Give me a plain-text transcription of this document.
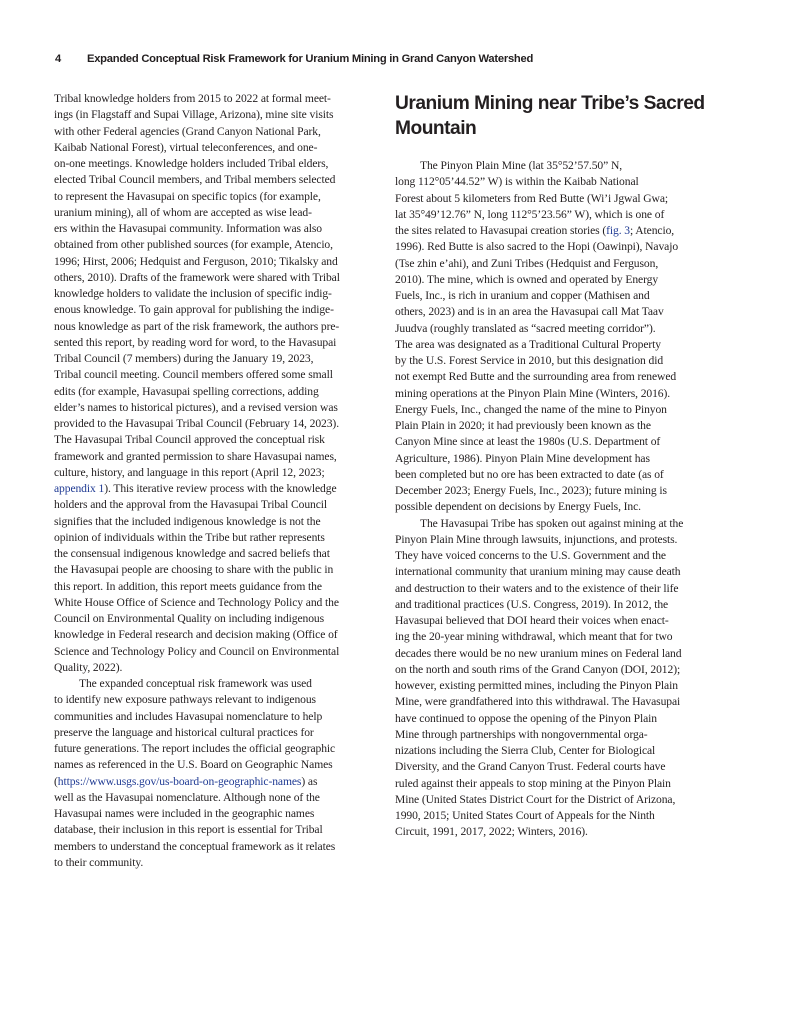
4 Expanded Conceptual Risk Framework for Uranium Mining in Grand Canyon Watershed
Tribal knowledge holders from 2015 to 2022 at formal meet-
ings (in Flagstaff and Supai Village, Arizona), mine site visits
with other Federal agencies (Grand Canyon National Park,
Kaibab National Forest), virtual teleconferences, and one-
on-one meetings. Knowledge holders included Tribal elders,
elected Tribal Council members, and Tribal members selected
to represent the Havasupai on specific topics (for example,
uranium mining), all of whom are accepted as wise lead-
ers within the Havasupai community. Information was also
obtained from other published sources (for example, Atencio,
1996; Hirst, 2006; Hedquist and Ferguson, 2010; Tikalsky and
others, 2010). Drafts of the framework were shared with Tribal
knowledge holders to validate the inclusion of specific indig-
enous knowledge. To gain approval for publishing the indige-
nous knowledge as part of the risk framework, the authors pre-
sented this report, by reading word for word, to the Havasupai
Tribal Council (7 members) during the January 19, 2023,
Tribal council meeting. Council members offered some small
edits (for example, Havasupai spelling corrections, adding
elder’s names to historical pictures), and a revised version was
provided to the Havasupai Tribal Council (February 14, 2023).
The Havasupai Tribal Council approved the conceptual risk
framework and granted permission to share Havasupai names,
culture, history, and language in this report (April 12, 2023;
appendix 1). This iterative review process with the knowledge
holders and the approval from the Havasupai Tribal Council
signifies that the included indigenous knowledge is not the
opinion of individuals within the Tribe but rather represents
the consensual indigenous knowledge and sacred beliefs that
the Havasupai people are choosing to share with the public in
this report. In addition, this report meets guidance from the
White House Office of Science and Technology Policy and the
Council on Environmental Quality on including indigenous
knowledge in Federal research and decision making (Office of
Science and Technology Policy and Council on Environmental
Quality, 2022).
The expanded conceptual risk framework was used
to identify new exposure pathways relevant to indigenous
communities and includes Havasupai nomenclature to help
preserve the language and historical cultural practices for
future generations. The report includes the official geographic
names as referenced in the U.S. Board on Geographic Names
(https://www.usgs.gov/us-board-on-geographic-names) as
well as the Havasupai nomenclature. Although none of the
Havasupai names were included in the geographic names
database, their inclusion in this report is essential for Tribal
members to understand the conceptual framework as it relates
to their community.
Uranium Mining near Tribe’s Sacred
Mountain
The Pinyon Plain Mine (lat 35°52’57.50” N,
long 112°05’44.52” W) is within the Kaibab National
Forest about 5 kilometers from Red Butte (Wi’i Jgwal Gwa;
lat 35°49’12.76” N, long 112°5’23.56” W), which is one of
the sites related to Havasupai creation stories (fig. 3; Atencio,
1996). Red Butte is also sacred to the Hopi (Oawinpi), Navajo
(Tse zhin e’ahi), and Zuni Tribes (Hedquist and Ferguson,
2010). The mine, which is owned and operated by Energy
Fuels, Inc., is rich in uranium and copper (Mathisen and
others, 2023) and is in an area the Havasupai call Mat Taav
Juudva (roughly translated as “sacred meeting corridor”).
The area was designated as a Traditional Cultural Property
by the U.S. Forest Service in 2010, but this designation did
not exempt Red Butte and the surrounding area from renewed
mining operations at the Pinyon Plain Mine (Winters, 2016).
Energy Fuels, Inc., changed the name of the mine to Pinyon
Plain Plain in 2020; it had previously been known as the
Canyon Mine since at least the 1980s (U.S. Department of
Agriculture, 1986). Pinyon Plain Mine development has
been completed but no ore has been extracted to date (as of
December 2023; Energy Fuels, Inc., 2023); future mining is
possible dependent on decisions by Energy Fuels, Inc.
The Havasupai Tribe has spoken out against mining at the
Pinyon Plain Mine through lawsuits, injunctions, and protests.
They have voiced concerns to the U.S. Government and the
international community that uranium mining may cause death
and destruction to their waters and to the existence of their life
and traditional practices (U.S. Congress, 2019). In 2012, the
Havasupai believed that DOI heard their voices when enact-
ing the 20-year mining withdrawal, which meant that for two
decades there would be no new uranium mines on Federal land
on the north and south rims of the Grand Canyon (DOI, 2012);
however, existing permitted mines, including the Pinyon Plain
Mine, were grandfathered into this withdrawal. The Havasupai
have continued to oppose the opening of the Pinyon Plain
Mine through partnerships with nongovernmental orga-
nizations including the Sierra Club, Center for Biological
Diversity, and the Grand Canyon Trust. Federal courts have
ruled against their appeals to stop mining at the Pinyon Plain
Mine (United States District Court for the District of Arizona,
1990, 2015; United States Court of Appeals for the Ninth
Circuit, 1991, 2017, 2022; Winters, 2016).
